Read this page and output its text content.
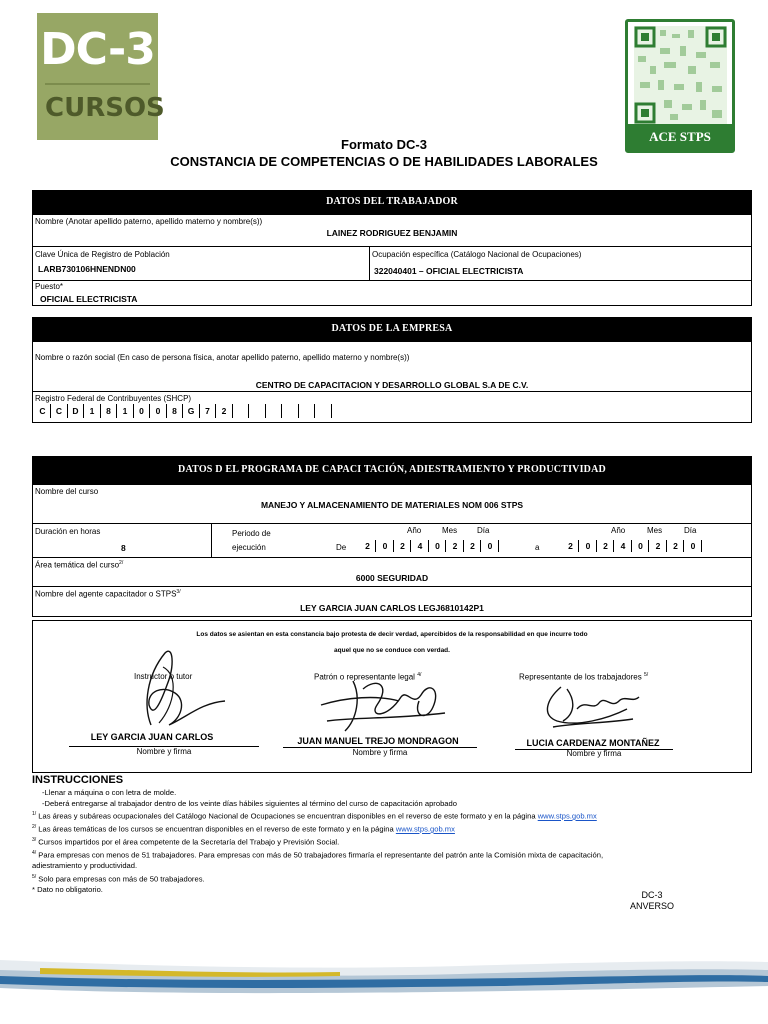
DC-3
CURSOS
ACE STPS
Formato DC-3
CONSTANCIA DE COMPETENCIAS O DE HABILIDADES LABORALES
DATOS DEL TRABAJADOR
Nombre (Anotar apellido paterno, apellido materno y nombre(s))
LAINEZ RODRIGUEZ BENJAMIN
Clave Única de Registro de Población
LARB730106HNENDN00
Ocupación específica (Catálogo Nacional de Ocupaciones)
322040401 – OFICIAL ELECTRICISTA
Puesto*
OFICIAL ELECTRICISTA
DATOS DE LA EMPRESA
Nombre o razón social (En caso de persona física, anotar apellido paterno, apellido materno y nombre(s))
CENTRO DE CAPACITACION Y DESARROLLO GLOBAL S.A DE C.V.
Registro Federal de Contribuyentes (SHCP)
C	C	D	1	8	1	0	0	8	G	7	2
DATOS D EL PROGRAMA DE CAPACI TACIÓN, ADIESTRAMIENTO Y PRODUCTIVIDAD
Nombre del curso
MANEJO Y ALMACENAMIENTO DE MATERIALES NOM 006 STPS
Duración en horas
8
Periodo de
ejecución	De
Año	Mes Día
2	0	2	4	0	2	2	0	a
Año	Mes	Día
2	0	2	4	0	2	2	0
Área temática del curso$^{2/}$
6000 SEGURIDAD
Nombre del agente capacitador o $STPS^{3/}$
LEY GARCIA JUAN CARLOS LEGJ6810142P1
Los datos se asientan en esta constancia bajo protesta de decir verdad, apercibidos de la responsabilidad en que incurre todo
aquel que no se conduce con verdad.
Instructor o tutor	Patrón o representante legal $^{4/}$	Representante de los trabajadores $^{5/}$
LEY GARCIA JUAN CARLOS	JUAN MANUEL TREJO MONDRAGON	LUCIA CARDENAZ MONTAÑEZ
Nombre y firma	Nombre y firma	Nombre y firma
INSTRUCCIONES
-Llenar a máquina o con letra de molde.
-Deberá entregarse al trabajador dentro de los veinte días hábiles siguientes al término del curso de capacitación aprobado
$^{1/}$ Las áreas y subáreas ocupacionales del Catálogo Nacional de Ocupaciones se encuentran disponibles en el reverso de este formato y en la página www.stps.gob.mx
$^{2/}$ Las áreas temáticas de los cursos se encuentran disponibles en el reverso de este formato y en la página www.stps.gob.mx
$^{3/}$ Cursos impartidos por el área competente de la Secretaría del Trabajo y Previsión Social.
$^{4/}$ Para empresas con menos de 51 trabajadores. Para empresas con más de 50 trabajadores firmaría el representante del patrón ante la Comisión mixta de capacitación,
adiestramiento y productividad.
$^{5/}$ Solo para empresas con más de 50 trabajadores.
* Dato no obligatorio.
DC-3
ANVERSO
